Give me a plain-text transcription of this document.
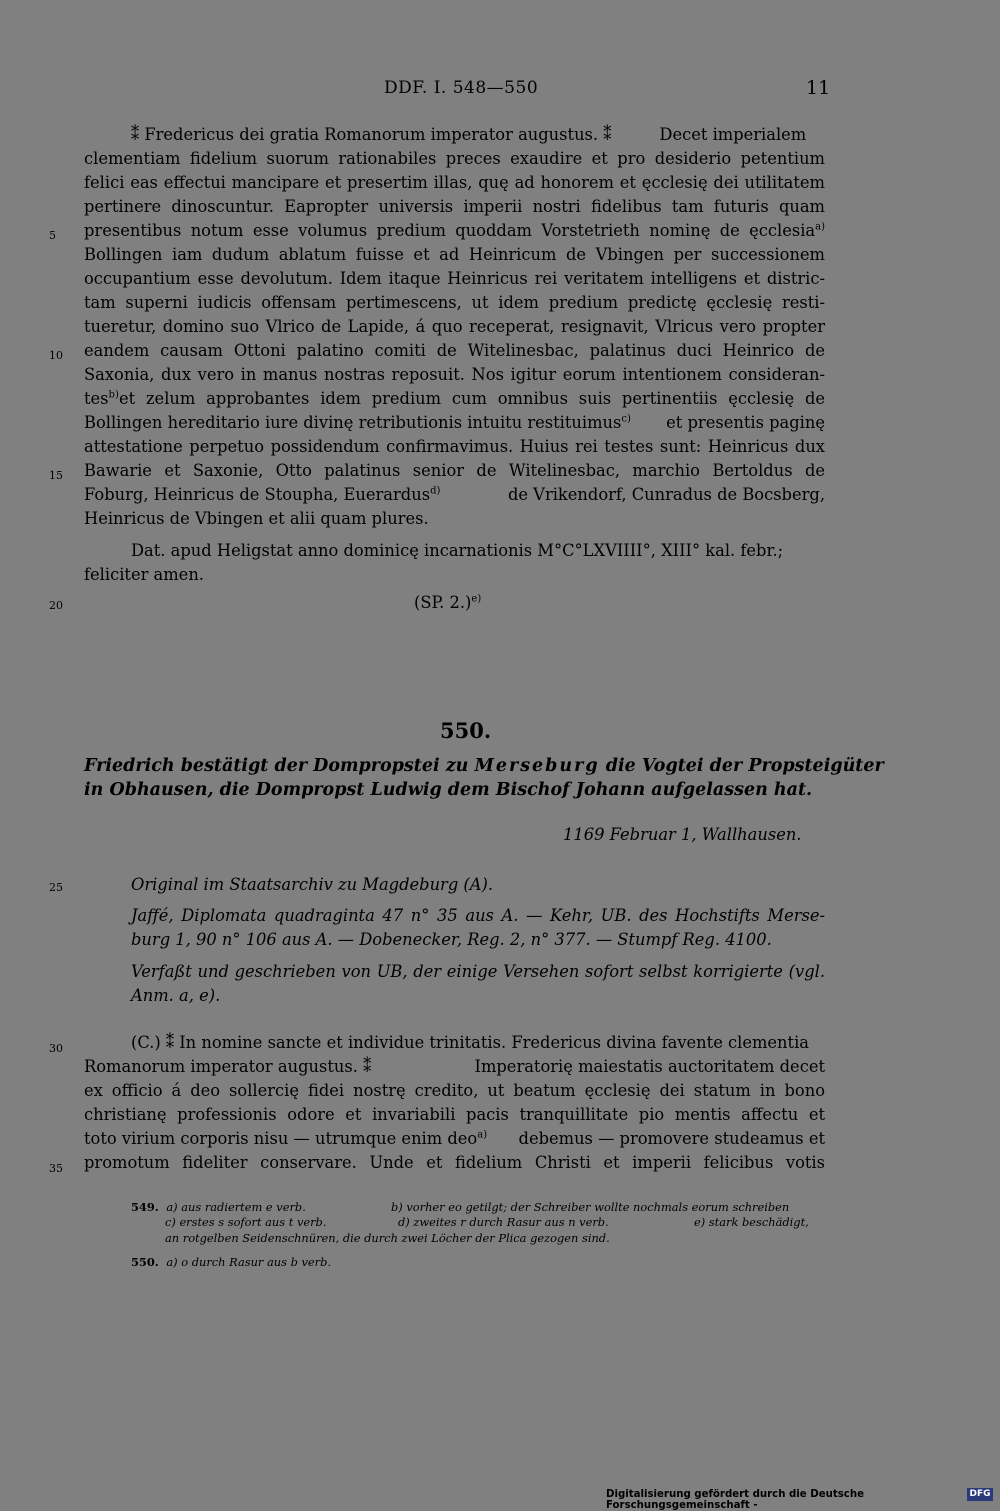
DDF. I. 548—550	11
⁑ Fredericus dei gratia Romanorum imperator augustus. ⁑	Decet imperialem
clementiam fidelium suorum rationabiles preces exaudire et pro desiderio petentium
felici eas effectui mancipare et presertim illas, quę ad honorem et ęcclesię dei utilitatem
pertinere dinoscuntur. Eapropter universis imperii nostri fidelibus tam futuris quam
presentibus notum esse volumus predium quoddam Vorstetrieth nominę de ęcclesia$^{a)}$
Bollingen iam dudum ablatum fuisse et ad Heinricum de Vbingen per successionem
occupantium esse devolutum. Idem itaque Heinricus rei veritatem intelligens et distric-
tam superni iudicis offensam pertimescens, ut idem predium predictę ęcclesię resti-
tueretur, domino suo Vlrico de Lapide, á quo receperat, resignavit, Vlricus vero propter
eandem causam Ottoni palatino comiti de Witelinesbac, palatinus duci Heinrico de
Saxonia, dux vero in manus nostras reposuit. Nos igitur eorum intentionem consideran-
tes$^{b)}$ et zelum approbantes idem predium cum omnibus suis pertinentiis ęcclesię de
Bollingen hereditario iure divinę retributionis intuitu restituimus$^{c)}$ et presentis paginę
attestatione perpetuo possidendum confirmavimus. Huius rei testes sunt: Heinricus dux
Bawarie et Saxonie, Otto palatinus senior de Witelinesbac, marchio Bertoldus de
Foburg, Heinricus de Stoupha, Euerardus$^{d)}$	de Vrikendorf, Cunradus de Bocsberg,
Heinricus de Vbingen et alii quam plures.
Dat. apud Heligstat anno dominicę incarnationis M°C°LXVIIII°, XIII° kal. febr.;
feliciter amen.
(SP. 2.)$^{e)}$
5
10
15
20
25
30
35
550.
Friedrich bestätigt der Dompropstei zu Merseburg die Vogtei der Propsteigüter
in Obhausen, die Dompropst Ludwig dem Bischof Johann aufgelassen hat.
1169 Februar 1, Wallhausen.
Original im Staatsarchiv zu Magdeburg (A).
Jaffé, Diplomata quadraginta 47 n° 35 aus A. — Kehr, UB. des Hochstifts Merse-
burg 1, 90 n° 106 aus A. — Dobenecker, Reg. 2, n° 377. — Stumpf Reg. 4100.
Verfaßt und geschrieben von UB, der einige Versehen sofort selbst korrigierte (vgl.
Anm. a, e).
(C.) ⁑ In nomine sancte et individue trinitatis. Fredericus divina favente clementia
Romanorum imperator augustus. ⁑	Imperatorię maiestatis auctoritatem decet
ex officio á deo sollercię fidei nostrę credito, ut beatum ęcclesię dei statum in bono
christianę professionis odore et invariabili pacis tranquillitate pio mentis affectu et
toto virium corporis nisu — utrumque enim deo$^{a)}$ debemus — promovere studeamus et
promotum fideliter conservare. Unde et fidelium Christi et imperii felicibus votis
549. a) aus radiertem e verb.	b) vorher eo getilgt; der Schreiber wollte nochmals eorum schreiben
c) erstes s sofort aus t verb.	d) zweites r durch Rasur aus n verb.	e) stark beschädigt,
an rotgelben Seidenschnüren, die durch zwei Löcher der Plica gezogen sind.
550. a) o durch Rasur aus b verb.
Digitalisierung gefördert durch die Deutsche Forschungsgemeinschaft -
DFG
